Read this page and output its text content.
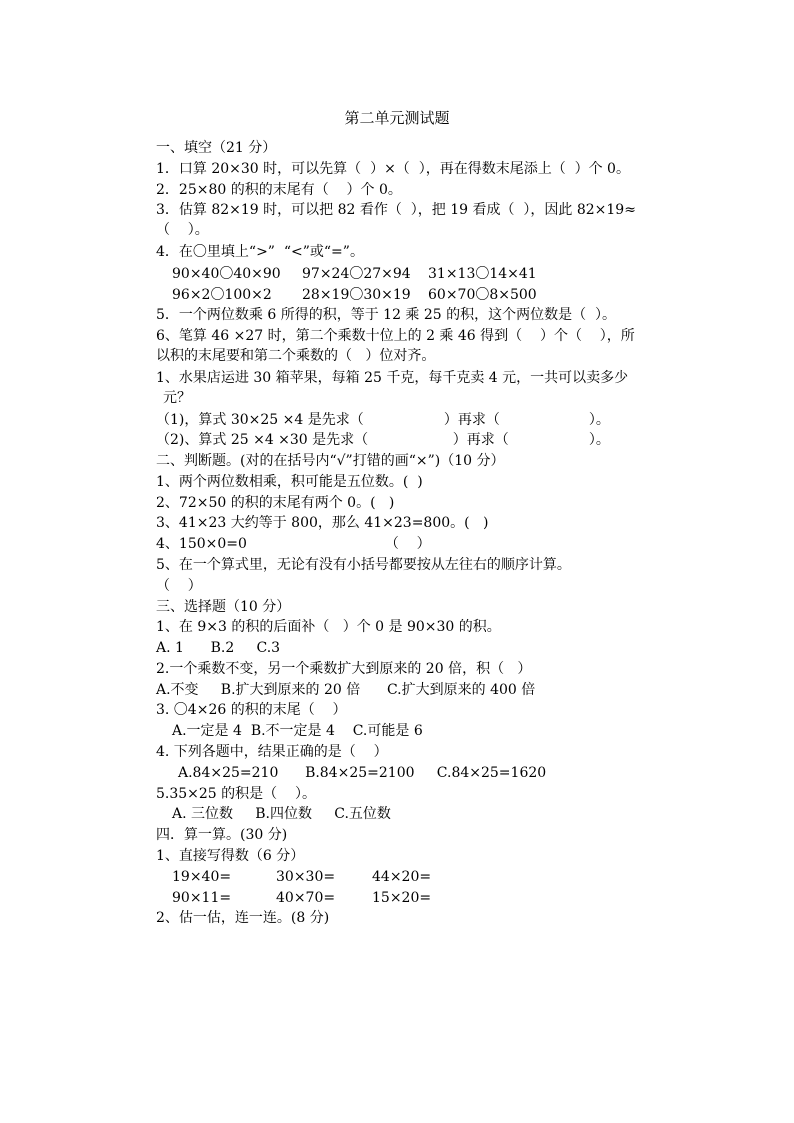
第二单元测试题
一、填空（21 分）
1．口算 20×30 时，可以先算（  ）×（  ），再在得数末尾添上（  ）个 0。
2．25×80 的积的末尾有（    ）个 0。
3．估算 82×19 时，可以把 82 看作（  ），把 19 看成（  ），因此 82×19≈
（    ）。
4．在〇里填上“>”  “<”或“=”。
90×40〇40×90 97×24〇27×94 31×13〇14×41
96×2〇100×2 28×19〇30×19 60×70〇8×500
5．一个两位数乘 6 所得的积，等于 12 乘 25 的积，这个两位数是（  ）。
6、笔算 46 ×27 时，第二个乘数十位上的 2 乘 46 得到（    ）个（    ），所
以积的末尾要和第二个乘数的（   ）位对齐。
1、水果店运进 30 箱苹果，每箱 25 千克，每千克卖 4 元，一共可以卖多少
元？
（1)，算式 30×25 ×4 是先求（                  ）再求（                    ）。
（2)、算式 25 ×4 ×30 是先求（                   ）再求（                  ）。
二、判断题。(对的在括号内“√”打错的画“×”)（10 分）
1、两个两位数相乘，积可能是五位数。(  )
2、72×50 的积的末尾有两个 0。(   )
3、41×23 大约等于 800，那么 41×23=800。(   )
4、150×0=0                               （    ）
5、在一个算式里，无论有没有小括号都要按从左往右的顺序计算。
（    ）
三、选择题（10 分）
1、在 9×3 的积的后面补（   ）个 0 是 90×30 的积。
A. 1      B.2     C.3
2.一个乘数不变，另一个乘数扩大到原来的 20 倍，积（   ）
A.不变     B.扩大到原来的 20 倍      C.扩大到原来的 400 倍
3. 〇4×26 的积的末尾（    ）
A.一定是 4  B.不一定是 4    C.可能是 6
4. 下列各题中，结果正确的是（    ）
A.84×25=210      B.84×25=2100     C.84×25=1620
5.35×25 的积是（    ）。
A. 三位数     B.四位数     C.五位数
四．算一算。(30 分)
1、直接写得数（6 分）
19×40=	30×30=	44×20=
90×11=	40×70=	15×20=
2、估一估，连一连。(8 分)
